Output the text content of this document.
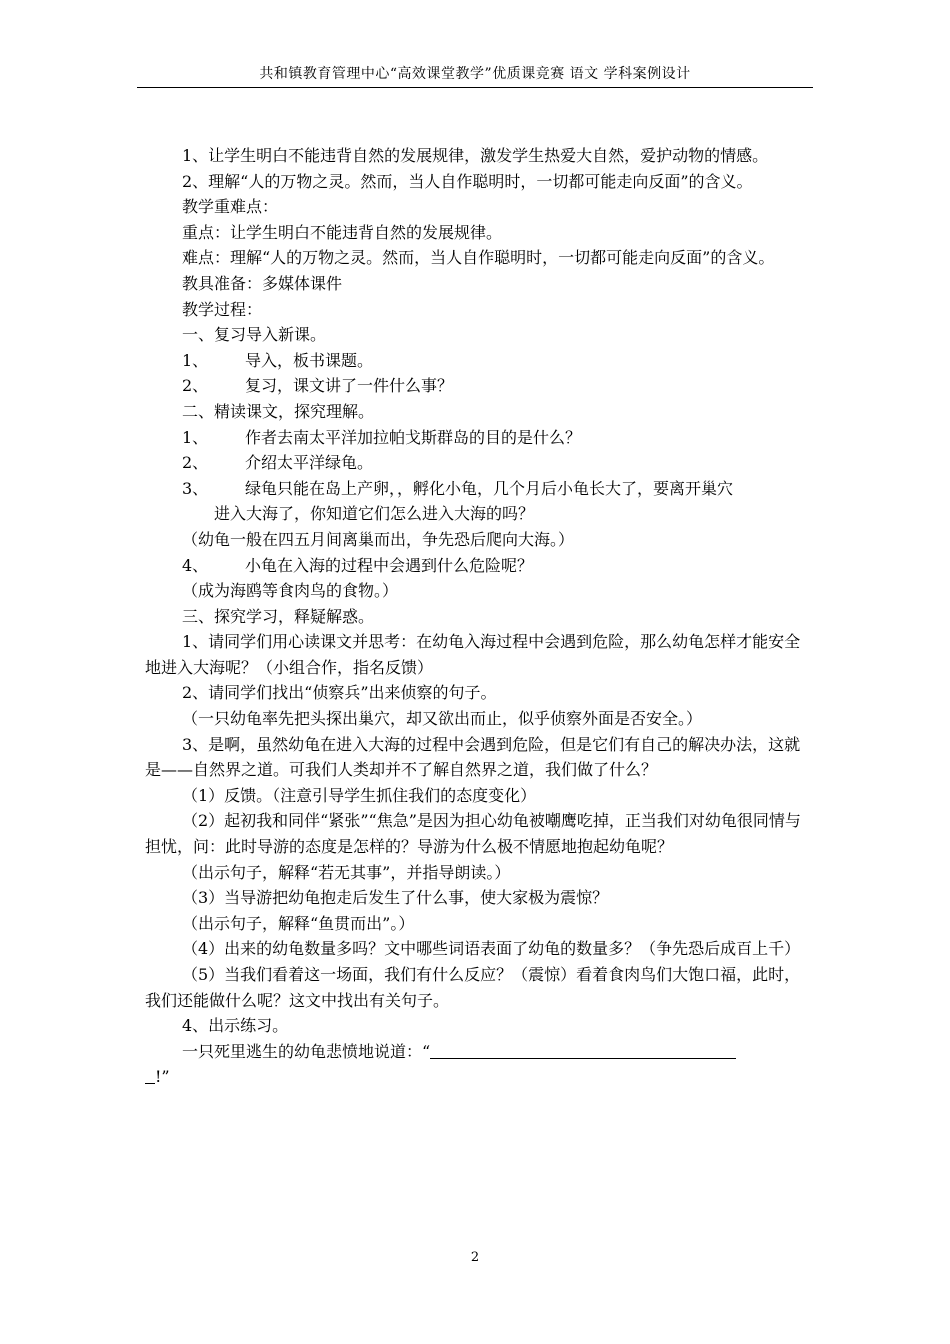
共和镇教育管理中心“高效课堂教学”优质课竞赛 语文 学科案例设计

1、让学生明白不能违背自然的发展规律，激发学生热爱大自然，爱护动物的情感。

2、理解“人的万物之灵。然而，当人自作聪明时，一切都可能走向反面”的含义。

教学重难点：

重点：让学生明白不能违背自然的发展规律。

难点：理解“人的万物之灵。然而，当人自作聪明时，一切都可能走向反面”的含义。

教具准备：多媒体课件

教学过程：

一、复习导入新课。

1、	导入，板书课题。
2、	复习，课文讲了一件什么事？

二、精读课文，探究理解。

1、	作者去南太平洋加拉帕戈斯群岛的目的是什么？
2、	介绍太平洋绿龟。
3、	绿龟只能在岛上产卵，，孵化小龟，几个月后小龟长大了，要离开巢穴

进入大海了，你知道它们怎么进入大海的吗？

（幼龟一般在四五月间离巢而出，争先恐后爬向大海。）

4、	小龟在入海的过程中会遇到什么危险呢？

（成为海鸥等食肉鸟的食物。）

三、探究学习，释疑解惑。

1、请同学们用心读课文并思考：在幼龟入海过程中会遇到危险，那么幼龟怎样才能安全地进入大海呢？（小组合作，指名反馈）

2、请同学们找出“侦察兵”出来侦察的句子。

（一只幼龟率先把头探出巢穴，却又欲出而止，似乎侦察外面是否安全。）

3、是啊，虽然幼龟在进入大海的过程中会遇到危险，但是它们有自己的解决办法，这就是——自然界之道。可我们人类却并不了解自然界之道，我们做了什么？

（1）反馈。（注意引导学生抓住我们的态度变化）

（2）起初我和同伴“紧张”“焦急”是因为担心幼龟被嘲鹰吃掉，正当我们对幼龟很同情与担忧，问：此时导游的态度是怎样的？导游为什么极不情愿地抱起幼龟呢？

（出示句子，解释“若无其事”，并指导朗读。）

（3）当导游把幼龟抱走后发生了什么事，使大家极为震惊？

（出示句子，解释“鱼贯而出”。）

（4）出来的幼龟数量多吗？文中哪些词语表面了幼龟的数量多？（争先恐后成百上千）

（5）当我们看着这一场面，我们有什么反应？（震惊）看着食肉鸟们大饱口福，此时，我们还能做什么呢？这文中找出有关句子。

4、出示练习。

一只死里逃生的幼龟悲愤地说道：“

!”

2
